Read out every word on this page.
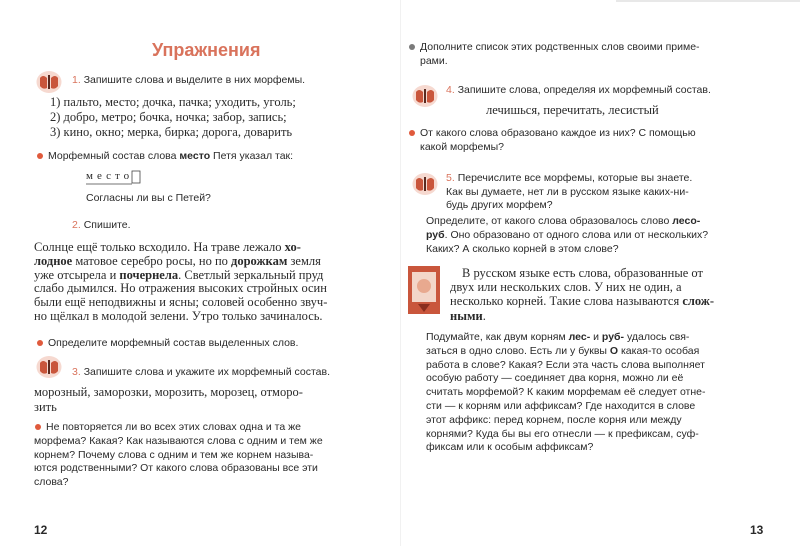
Упражнения
1. Запишите слова и выделите в них морфемы.
1) пальто, место; дочка, пачка; уходить, уголь;
2) добро, метро; бочка, ночка; забор, запись;
3) кино, окно; мерка, бирка; дорога, доварить
Морфемный состав слова место Петя указал так:
место
Согласны ли вы с Петей?
2. Спишите.
Солнце ещё только всходило. На траве лежало хо-
лодное матовое серебро росы, но по дорожкам земля
уже отсырела и почернела. Светлый зеркальный пруд
слабо дымился. Но отражения высоких стройных осин
были ещё неподвижны и ясны; соловей особенно звуч-
но щёлкал в молодой зелени. Утро только зачиналось.
Определите морфемный состав выделенных слов.
3. Запишите слова и укажите их морфемный состав.
морозный, заморозки, морозить, морозец, отморо-
зить
Не повторяется ли во всех этих словах одна и та же
морфема? Какая? Как называются слова с одним и тем же
корнем? Почему слова с одним и тем же корнем называ-
ются родственными? От какого слова образованы все эти
слова?
12
Дополните список этих родственных слов своими приме-
рами.
4. Запишите слова, определяя их морфемный состав.
лечишься, перечитать, лесистый
От какого слова образовано каждое из них? С помощью
какой морфемы?
5. Перечислите все морфемы, которые вы знаете.
Как вы думаете, нет ли в русском языке каких-ни-
будь других морфем?
Определите, от какого слова образовалось слово лесо-
руб. Оно образовано от одного слова или от нескольких?
Каких? А сколько корней в этом слове?
В русском языке есть слова, образованные от
двух или нескольких слов. У них не один, а
несколько корней. Такие слова называются слож-
ными.
Подумайте, как двум корням лес- и руб- удалось свя-
заться в одно слово. Есть ли у буквы О какая-то особая
работа в слове? Какая? Если эта часть слова выполняет
особую работу — соединяет два корня, можно ли её
считать морфемой? К каким морфемам её следует отне-
сти — к корням или аффиксам? Где находится в слове
этот аффикс: перед корнем, после корня или между
корнями? Куда бы вы его отнесли — к префиксам, суф-
фиксам или к особым аффиксам?
13
